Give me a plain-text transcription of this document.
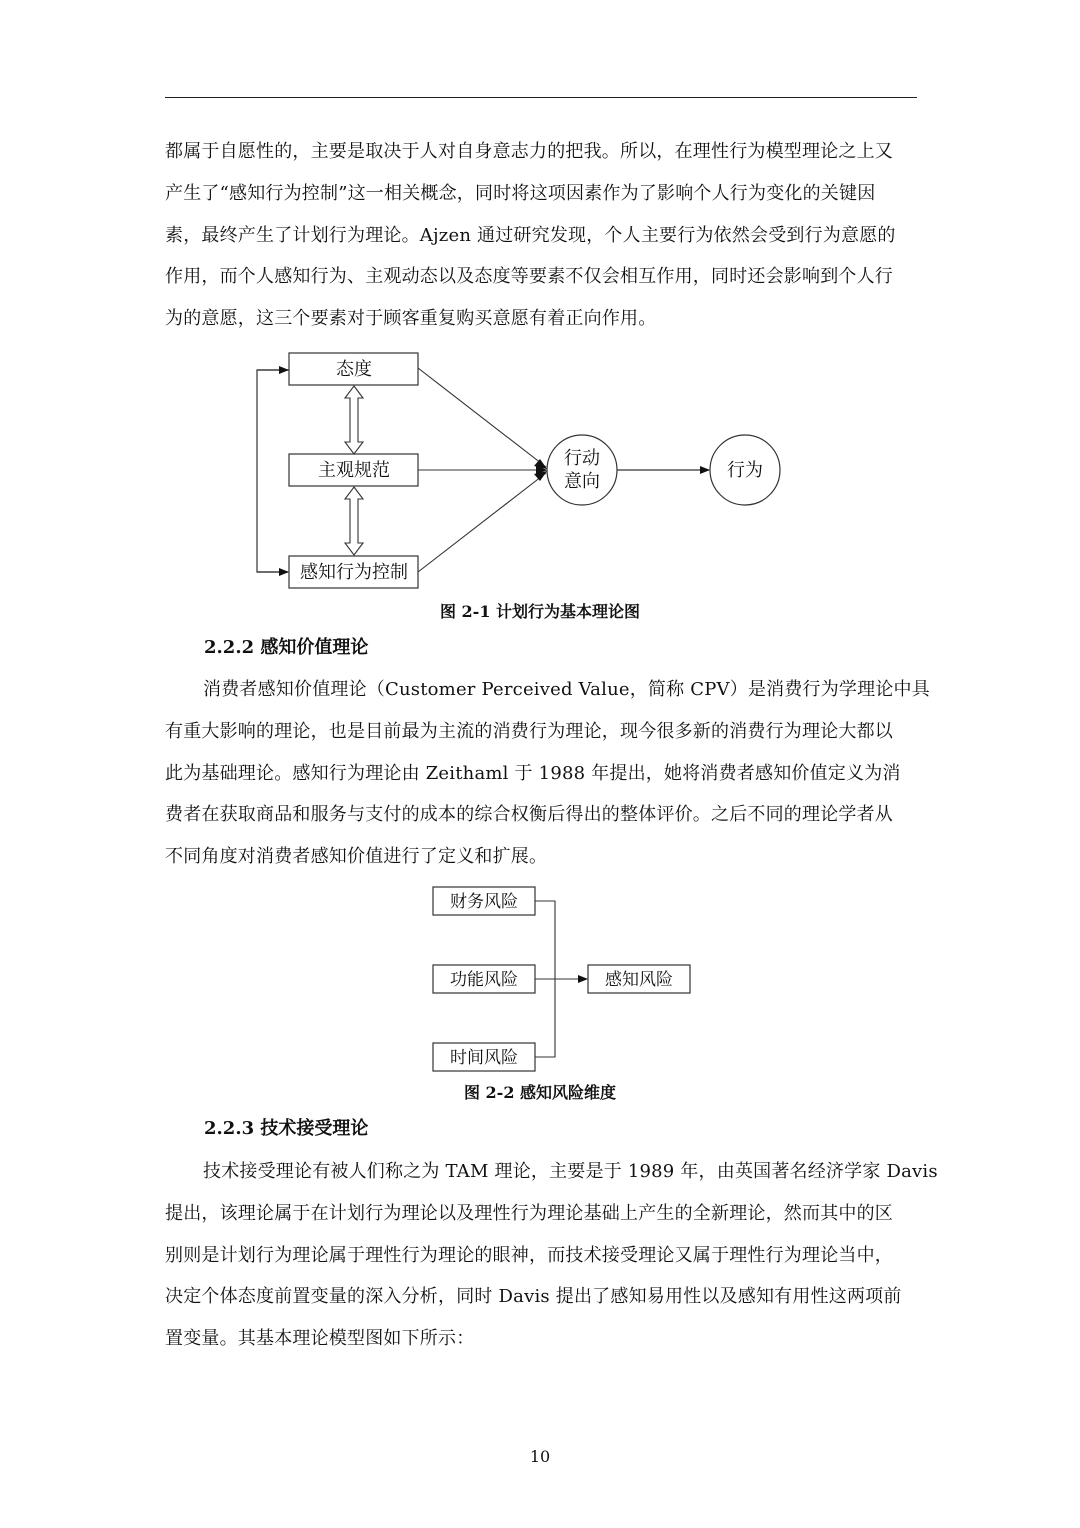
都属于自愿性的，主要是取决于人对自身意志力的把我。所以，在理性行为模型理论之上又
产生了“感知行为控制”这一相关概念，同时将这项因素作为了影响个人行为变化的关键因
素，最终产生了计划行为理论。Ajzen 通过研究发现，个人主要行为依然会受到行为意愿的
作用，而个人感知行为、主观动态以及态度等要素不仅会相互作用，同时还会影响到个人行
为的意愿，这三个要素对于顾客重复购买意愿有着正向作用。

态度
主观规范
感知行为控制
行动
意向
行为

图 2-1 计划行为基本理论图

2.2.2 感知价值理论

消费者感知价值理论（Customer Perceived Value，简称 CPV）是消费行为学理论中具
有重大影响的理论，也是目前最为主流的消费行为理论，现今很多新的消费行为理论大都以
此为基础理论。感知行为理论由 Zeithaml 于 1988 年提出，她将消费者感知价值定义为消
费者在获取商品和服务与支付的成本的综合权衡后得出的整体评价。之后不同的理论学者从
不同角度对消费者感知价值进行了定义和扩展。

财务风险
功能风险
时间风险
感知风险

图 2-2 感知风险维度

2.2.3 技术接受理论

技术接受理论有被人们称之为 TAM 理论，主要是于 1989 年，由英国著名经济学家 Davis
提出，该理论属于在计划行为理论以及理性行为理论基础上产生的全新理论，然而其中的区
别则是计划行为理论属于理性行为理论的眼神，而技术接受理论又属于理性行为理论当中，
决定个体态度前置变量的深入分析，同时 Davis 提出了感知易用性以及感知有用性这两项前
置变量。其基本理论模型图如下所示：

10
